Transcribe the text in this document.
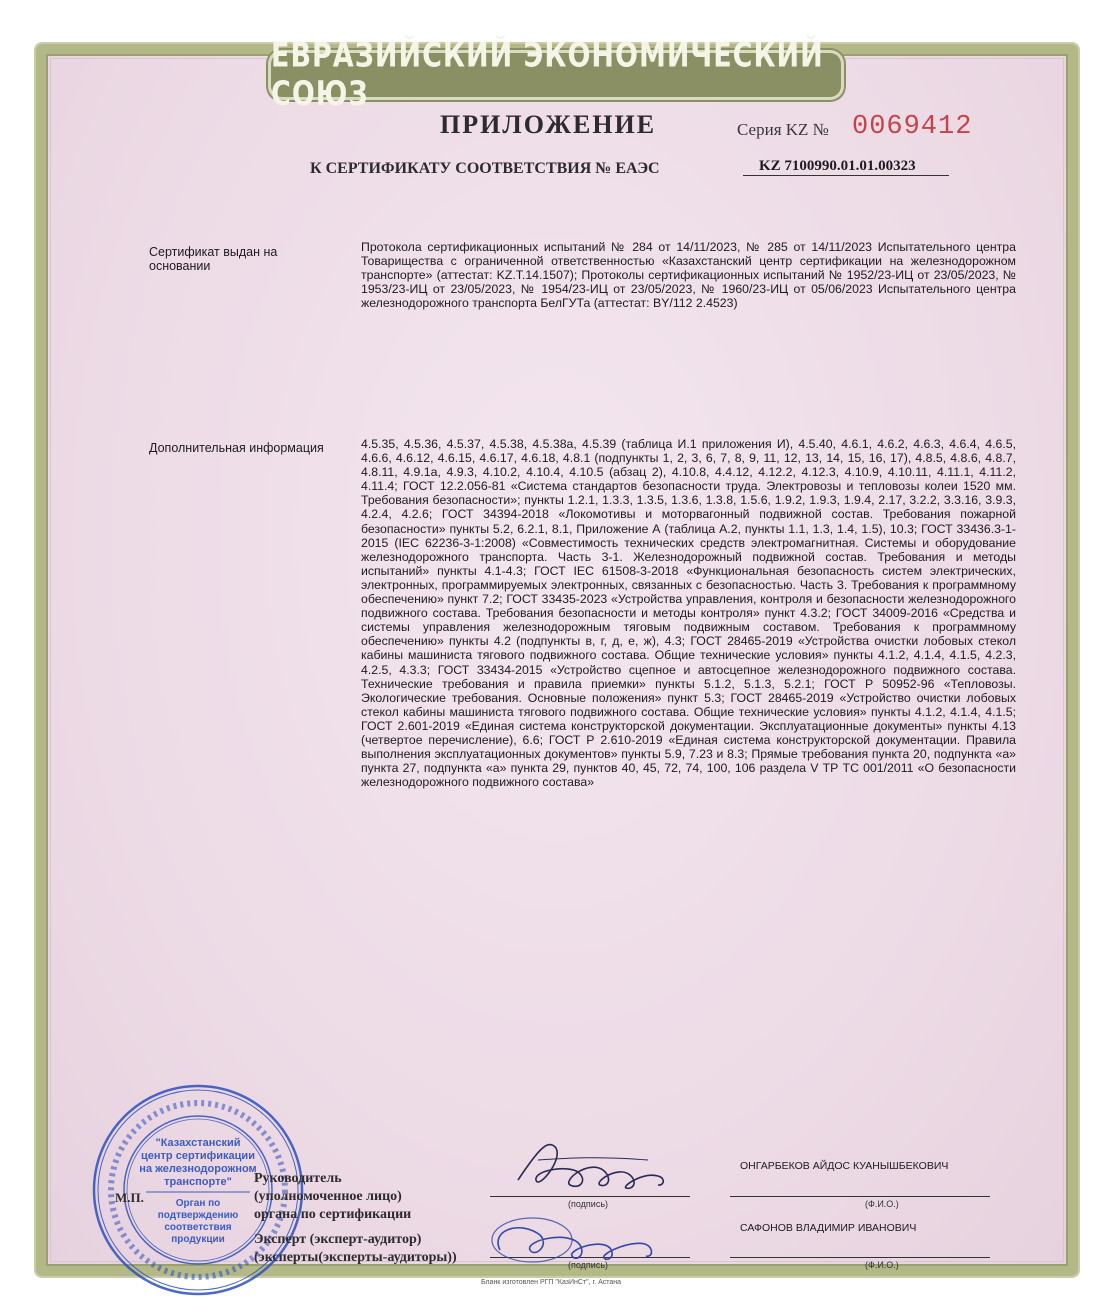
ЕВРАЗИЙСКИЙ ЭКОНОМИЧЕСКИЙ СОЮЗ
ПРИЛОЖЕНИЕ	Серия KZ № 0069412
К СЕРТИФИКАТУ СООТВЕТСТВИЯ № ЕАЭС	KZ 7100990.01.01.00323
Сертификат выдан на основании
Протокола сертификационных испытаний № 284 от 14/11/2023, № 285 от 14/11/2023 Испытательного центра Товарищества с ограниченной ответственностью «Казахстанский центр сертификации на железнодорожном транспорте» (аттестат: KZ.T.14.1507); Протоколы сертификационных испытаний № 1952/23-ИЦ от 23/05/2023, № 1953/23-ИЦ от 23/05/2023, № 1954/23-ИЦ от 23/05/2023, № 1960/23-ИЦ от 05/06/2023 Испытательного центра железнодорожного транспорта БелГУТа (аттестат: BY/112 2.4523)
Дополнительная информация	4.5.35, 4.5.36, 4.5.37, 4.5.38, 4.5.38а, 4.5.39 (таблица И.1 приложения И), 4.5.40, 4.6.1, 4.6.2, 4.6.3, 4.6.4, 4.6.5, 4.6.6, 4.6.12, 4.6.15, 4.6.17, 4.6.18, 4.8.1 (подпункты 1, 2, 3, 6, 7, 8, 9, 11, 12, 13, 14, 15, 16, 17), 4.8.5, 4.8.6, 4.8.7, 4.8.11, 4.9.1а, 4.9.3, 4.10.2, 4.10.4, 4.10.5 (абзац 2), 4.10.8, 4.4.12, 4.12.2, 4.12.3, 4.10.9, 4.10.11, 4.11.1, 4.11.2, 4.11.4; ГОСТ 12.2.056-81 «Система стандартов безопасности труда. Электровозы и тепловозы колеи 1520 мм. Требования безопасности»; пункты 1.2.1, 1.3.3, 1.3.5, 1.3.6, 1.3.8, 1.5.6, 1.9.2, 1.9.3, 1.9.4, 2.17, 3.2.2, 3.3.16, 3.9.3, 4.2.4, 4.2.6; ГОСТ 34394-2018 «Локомотивы и моторвагонный подвижной состав. Требования пожарной безопасности» пункты 5.2, 6.2.1, 8.1, Приложение А (таблица А.2, пункты 1.1, 1.3, 1.4, 1.5), 10.3; ГОСТ 33436.3-1-2015 (IEC 62236-3-1:2008) «Совместимость технических средств электромагнитная. Системы и оборудование железнодорожного транспорта. Часть 3-1. Железнодорожный подвижной состав. Требования и методы испытаний» пункты 4.1-4.3; ГОСТ IEC 61508-3-2018 «Функциональная безопасность систем электрических, электронных, программируемых электронных, связанных с безопасностью. Часть 3. Требования к программному обеспечению» пункт 7.2; ГОСТ 33435-2023 «Устройства управления, контроля и безопасности железнодорожного подвижного состава. Требования безопасности и методы контроля» пункт 4.3.2; ГОСТ 34009-2016 «Средства и системы управления железнодорожным тяговым подвижным составом. Требования к программному обеспечению» пункты 4.2 (подпункты в, г, д, е, ж), 4.3; ГОСТ 28465-2019 «Устройства очистки лобовых стекол кабины машиниста тягового подвижного состава. Общие технические условия» пункты 4.1.2, 4.1.4, 4.1.5, 4.2.3, 4.2.5, 4.3.3; ГОСТ 33434-2015 «Устройство сцепное и автосцепное железнодорожного подвижного состава. Технические требования и правила приемки» пункты 5.1.2, 5.1.3, 5.2.1; ГОСТ Р 50952-96 «Тепловозы. Экологические требования. Основные положения» пункт 5.3; ГОСТ 28465-2019 «Устройство очистки лобовых стекол кабины машиниста тягового подвижного состава. Общие технические условия» пункты 4.1.2, 4.1.4, 4.1.5; ГОСТ 2.601-2019 «Единая система конструкторской документации. Эксплуатационные документы» пункты 4.13 (четвертое перечисление), 6.6; ГОСТ Р 2.610-2019 «Единая система конструкторской документации. Правила выполнения эксплуатационных документов» пункты 5.9, 7.23 и 8.3; Прямые требования пункта 20, подпункта «а» пункта 27, подпункта «а» пункта 29, пунктов 40, 45, 72, 74, 100, 106 раздела V ТР ТС 001/2011 «О безопасности железнодорожного подвижного состава»
"Казахстанский
центр сертификации
на железнодорожном
транспорте"
Орган по
подтверждению
соответствия
продукции
М.П.
Руководитель
(уполномоченное лицо)
органа по сертификации
(подпись)
ОНГАРБЕКОВ АЙДОС КУАНЫШБЕКОВИЧ
(Ф.И.О.)
Эксперт (эксперт-аудитор)
(эксперты(эксперты-аудиторы))	(подпись)
САФОНОВ ВЛАДИМИР ИВАНОВИЧ
(Ф.И.О.)
Бланк изготовлен РГП "КазИнСт", г. Астана
